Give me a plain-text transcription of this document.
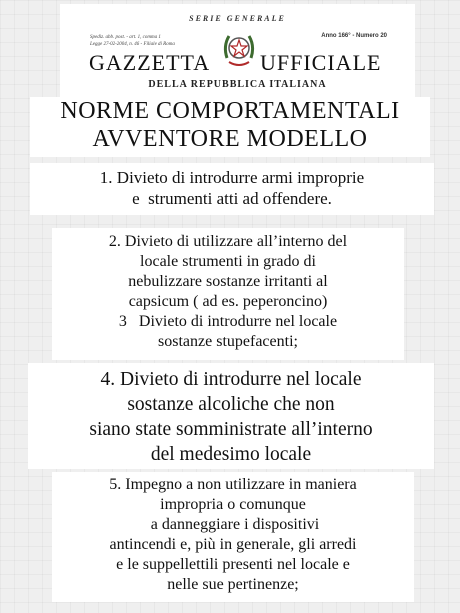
SERIE GENERALE
Spediz. abb. post. - art. 1, comma 1
Legge 27-02-2004, n. 46 - Filiale di Roma
Anno 166° - Numero 20
GAZZETTA UFFICIALE
DELLA REPUBBLICA ITALIANA
NORME COMPORTAMENTALI
AVVENTORE MODELLO
1. Divieto di introdurre armi improprie
e  strumenti atti ad offendere.
2. Divieto di utilizzare all’interno del
locale strumenti in grado di
nebulizzare sostanze irritanti al
capsicum ( ad es. peperoncino)
3   Divieto di introdurre nel locale
sostanze stupefacenti;
4. Divieto di introdurre nel locale
sostanze alcoliche che non
siano state somministrate all’interno
del medesimo locale
5. Impegno a non utilizzare in maniera
impropria o comunque
a danneggiare i dispositivi
antincendi e, più in generale, gli arredi
e le suppellettili presenti nel locale e
nelle sue pertinenze;
